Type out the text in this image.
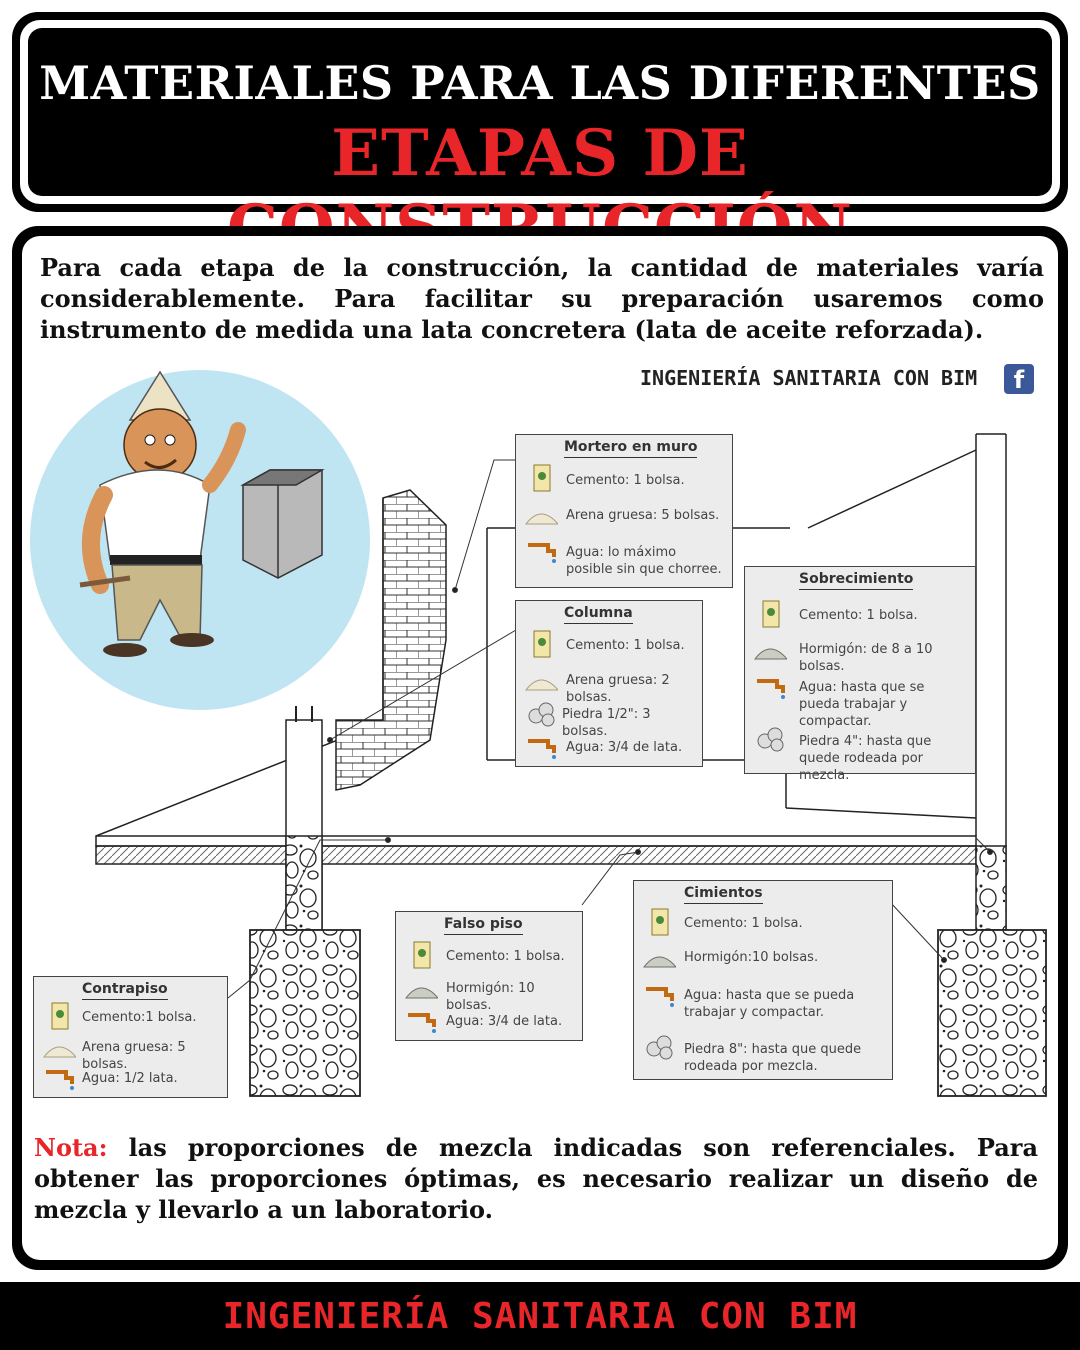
MATERIALES PARA LAS DIFERENTES
ETAPAS DE
Para cada etapa de la construcción, la cantidad de materiales varía considerablemente. Para facilitar su preparación usaremos como instrumento de medida una lata concretera (lata de aceite reforzada).
INGENIERÍA SANITARIA CON BIM	f
Mortero en muro
Cemento: 1 bolsa.
Arena gruesa: 5 bolsas.
Agua: lo máximo posible sin que chorree.
Columna
Cemento: 1 bolsa.
Arena gruesa: 2 bolsas.
Piedra 1/2": 3 bolsas.
Agua: 3/4 de lata.
Sobrecimiento
Cemento: 1 bolsa.
Hormigón: de 8 a 10 bolsas.
Agua: hasta que se pueda trabajar y compactar.
Piedra 4": hasta que quede rodeada por mezcla.
Falso piso
Cemento: 1 bolsa.
Hormigón: 10 bolsas.
Agua: 3/4 de lata.
Cimientos
Cemento: 1 bolsa.
Hormigón:10 bolsas.
Agua: hasta que se pueda trabajar y compactar.
Piedra 8": hasta que quede rodeada por mezcla.
Contrapiso
Cemento:1 bolsa.
Arena gruesa: 5 bolsas.
Agua: 1/2 lata.
Nota: las proporciones de mezcla indicadas son referenciales. Para obtener las proporciones óptimas, es necesario realizar un diseño de mezcla y llevarlo a un laboratorio.
INGENIERÍA SANITARIA CON BIM
